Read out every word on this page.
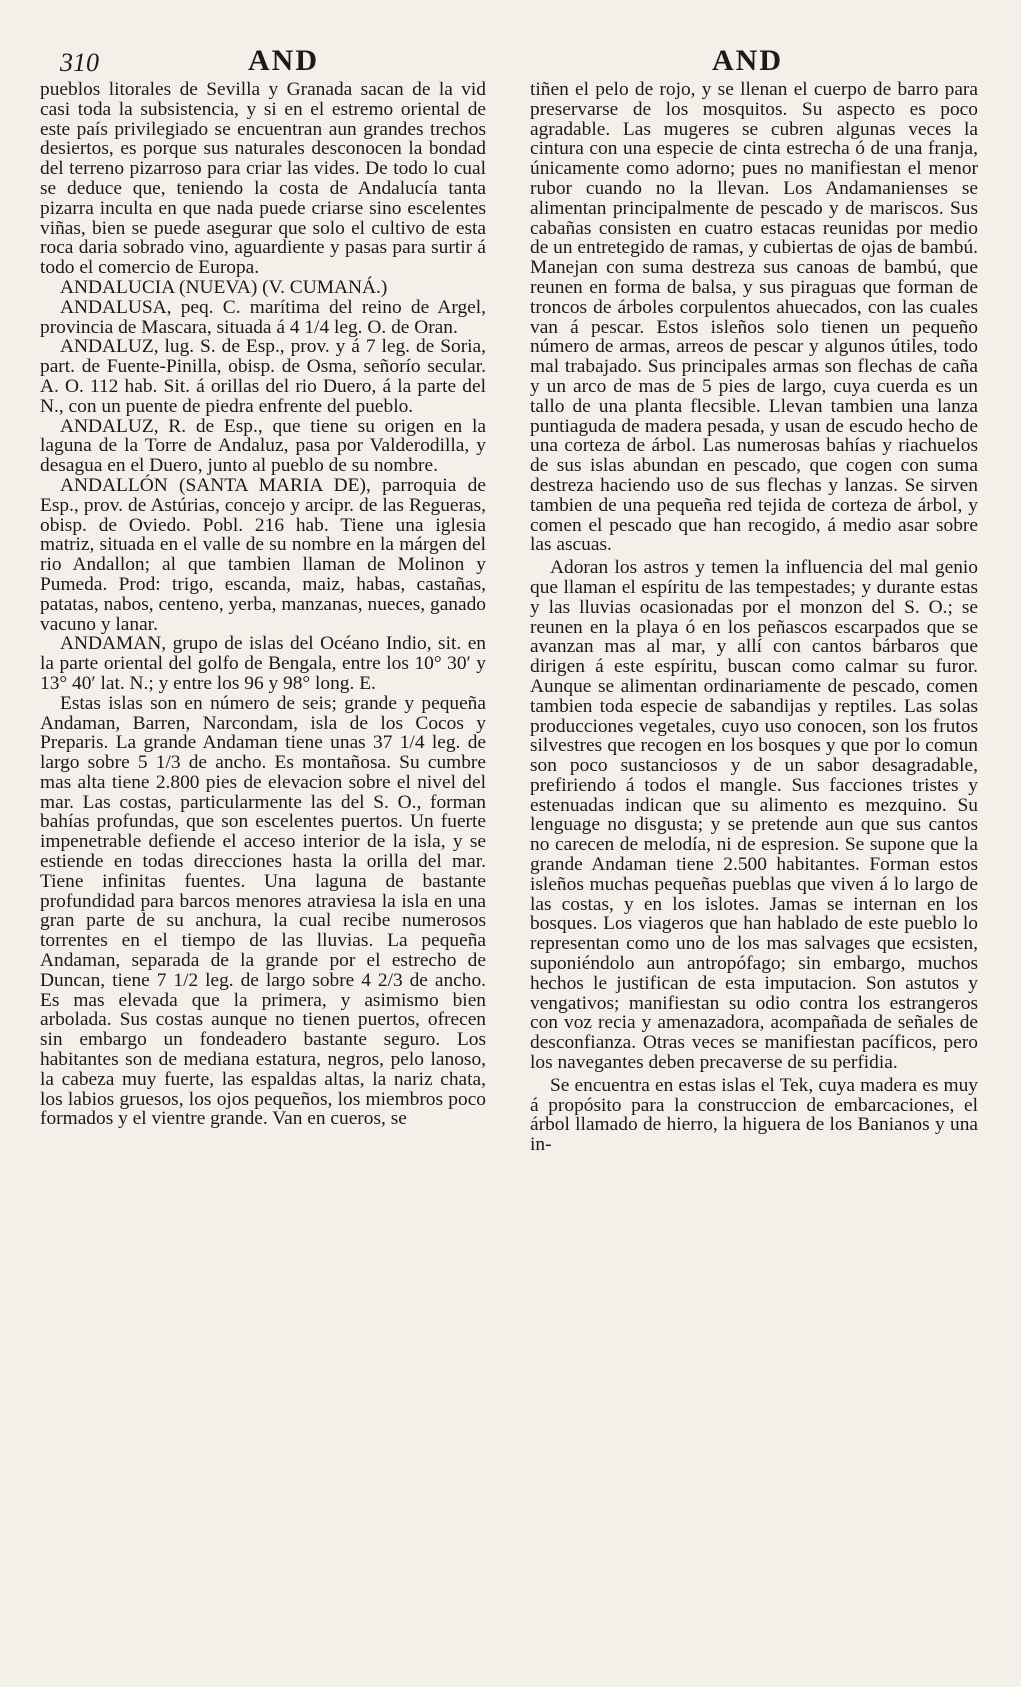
310	AND	AND

pueblos litorales de Sevilla y Granada sacan de la vid casi toda la subsistencia, y si en el estremo oriental de este país privilegiado se encuentran aun grandes trechos desiertos, es porque sus naturales desconocen la bondad del terreno pizarroso para criar las vides. De todo lo cual se deduce que, teniendo la costa de Andalucía tanta pizarra inculta en que nada puede criarse sino escelentes viñas, bien se puede asegurar que solo el cultivo de esta roca daria sobrado vino, aguardiente y pasas para surtir á todo el comercio de Europa.

ANDALUCIA (NUEVA) (V. CUMANÁ.)

ANDALUSA, peq. C. marítima del reino de Argel, provincia de Mascara, situada á 4 1/4 leg. O. de Oran.

ANDALUZ, lug. S. de Esp., prov. y á 7 leg. de Soria, part. de Fuente-Pinilla, obisp. de Osma, señorío secular. A. O. 112 hab. Sit. á orillas del rio Duero, á la parte del N., con un puente de piedra enfrente del pueblo.

ANDALUZ, R. de Esp., que tiene su origen en la laguna de la Torre de Andaluz, pasa por Valderodilla, y desagua en el Duero, junto al pueblo de su nombre.

ANDALLÓN (SANTA MARIA DE), parroquia de Esp., prov. de Astúrias, concejo y arcipr. de las Regueras, obisp. de Oviedo. Pobl. 216 hab. Tiene una iglesia matriz, situada en el valle de su nombre en la márgen del rio Andallon; al que tambien llaman de Molinon y Pumeda. Prod: trigo, escanda, maiz, habas, castañas, patatas, nabos, centeno, yerba, manzanas, nueces, ganado vacuno y lanar.

ANDAMAN, grupo de islas del Océano Indio, sit. en la parte oriental del golfo de Bengala, entre los 10° 30′ y 13° 40′ lat. N.; y entre los 96 y 98° long. E.

Estas islas son en número de seis; grande y pequeña Andaman, Barren, Narcondam, isla de los Cocos y Preparis. La grande Andaman tiene unas 37 1/4 leg. de largo sobre 5 1/3 de ancho. Es montañosa. Su cumbre mas alta tiene 2.800 pies de elevacion sobre el nivel del mar. Las costas, particularmente las del S. O., forman bahías profundas, que son escelentes puertos. Un fuerte impenetrable defiende el acceso interior de la isla, y se estiende en todas direcciones hasta la orilla del mar. Tiene infinitas fuentes. Una laguna de bastante profundidad para barcos menores atraviesa la isla en una gran parte de su anchura, la cual recibe numerosos torrentes en el tiempo de las lluvias. La pequeña Andaman, separada de la grande por el estrecho de Duncan, tiene 7 1/2 leg. de largo sobre 4 2/3 de ancho. Es mas elevada que la primera, y asimismo bien arbolada. Sus costas aunque no tienen puertos, ofrecen sin embargo un fondeadero bastante seguro. Los habitantes son de mediana estatura, negros, pelo lanoso, la cabeza muy fuerte, las espaldas altas, la nariz chata, los labios gruesos, los ojos pequeños, los miembros poco formados y el vientre grande. Van en cueros, se

tiñen el pelo de rojo, y se llenan el cuerpo de barro para preservarse de los mosquitos. Su aspecto es poco agradable. Las mugeres se cubren algunas veces la cintura con una especie de cinta estrecha ó de una franja, únicamente como adorno; pues no manifiestan el menor rubor cuando no la llevan. Los Andamanienses se alimentan principalmente de pescado y de mariscos. Sus cabañas consisten en cuatro estacas reunidas por medio de un entretegido de ramas, y cubiertas de ojas de bambú. Manejan con suma destreza sus canoas de bambú, que reunen en forma de balsa, y sus piraguas que forman de troncos de árboles corpulentos ahuecados, con las cuales van á pescar. Estos isleños solo tienen un pequeño número de armas, arreos de pescar y algunos útiles, todo mal trabajado. Sus principales armas son flechas de caña y un arco de mas de 5 pies de largo, cuya cuerda es un tallo de una planta flecsible. Llevan tambien una lanza puntiaguda de madera pesada, y usan de escudo hecho de una corteza de árbol. Las numerosas bahías y riachuelos de sus islas abundan en pescado, que cogen con suma destreza haciendo uso de sus flechas y lanzas. Se sirven tambien de una pequeña red tejida de corteza de árbol, y comen el pescado que han recogido, á medio asar sobre las ascuas.

Adoran los astros y temen la influencia del mal genio que llaman el espíritu de las tempestades; y durante estas y las lluvias ocasionadas por el monzon del S. O.; se reunen en la playa ó en los peñascos escarpados que se avanzan mas al mar, y allí con cantos bárbaros que dirigen á este espíritu, buscan como calmar su furor. Aunque se alimentan ordinariamente de pescado, comen tambien toda especie de sabandijas y reptiles. Las solas producciones vegetales, cuyo uso conocen, son los frutos silvestres que recogen en los bosques y que por lo comun son poco sustanciosos y de un sabor desagradable, prefiriendo á todos el mangle. Sus facciones tristes y estenuadas indican que su alimento es mezquino. Su lenguage no disgusta; y se pretende aun que sus cantos no carecen de melodía, ni de espresion. Se supone que la grande Andaman tiene 2.500 habitantes. Forman estos isleños muchas pequeñas pueblas que viven á lo largo de las costas, y en los islotes. Jamas se internan en los bosques. Los viageros que han hablado de este pueblo lo representan como uno de los mas salvages que ecsisten, suponiéndolo aun antropófago; sin embargo, muchos hechos le justifican de esta imputacion. Son astutos y vengativos; manifiestan su odio contra los estrangeros con voz recia y amenazadora, acompañada de señales de desconfianza. Otras veces se manifiestan pacíficos, pero los navegantes deben precaverse de su perfidia.

Se encuentra en estas islas el Tek, cuya madera es muy á propósito para la construccion de embarcaciones, el árbol llamado de hierro, la higuera de los Banianos y una in-
